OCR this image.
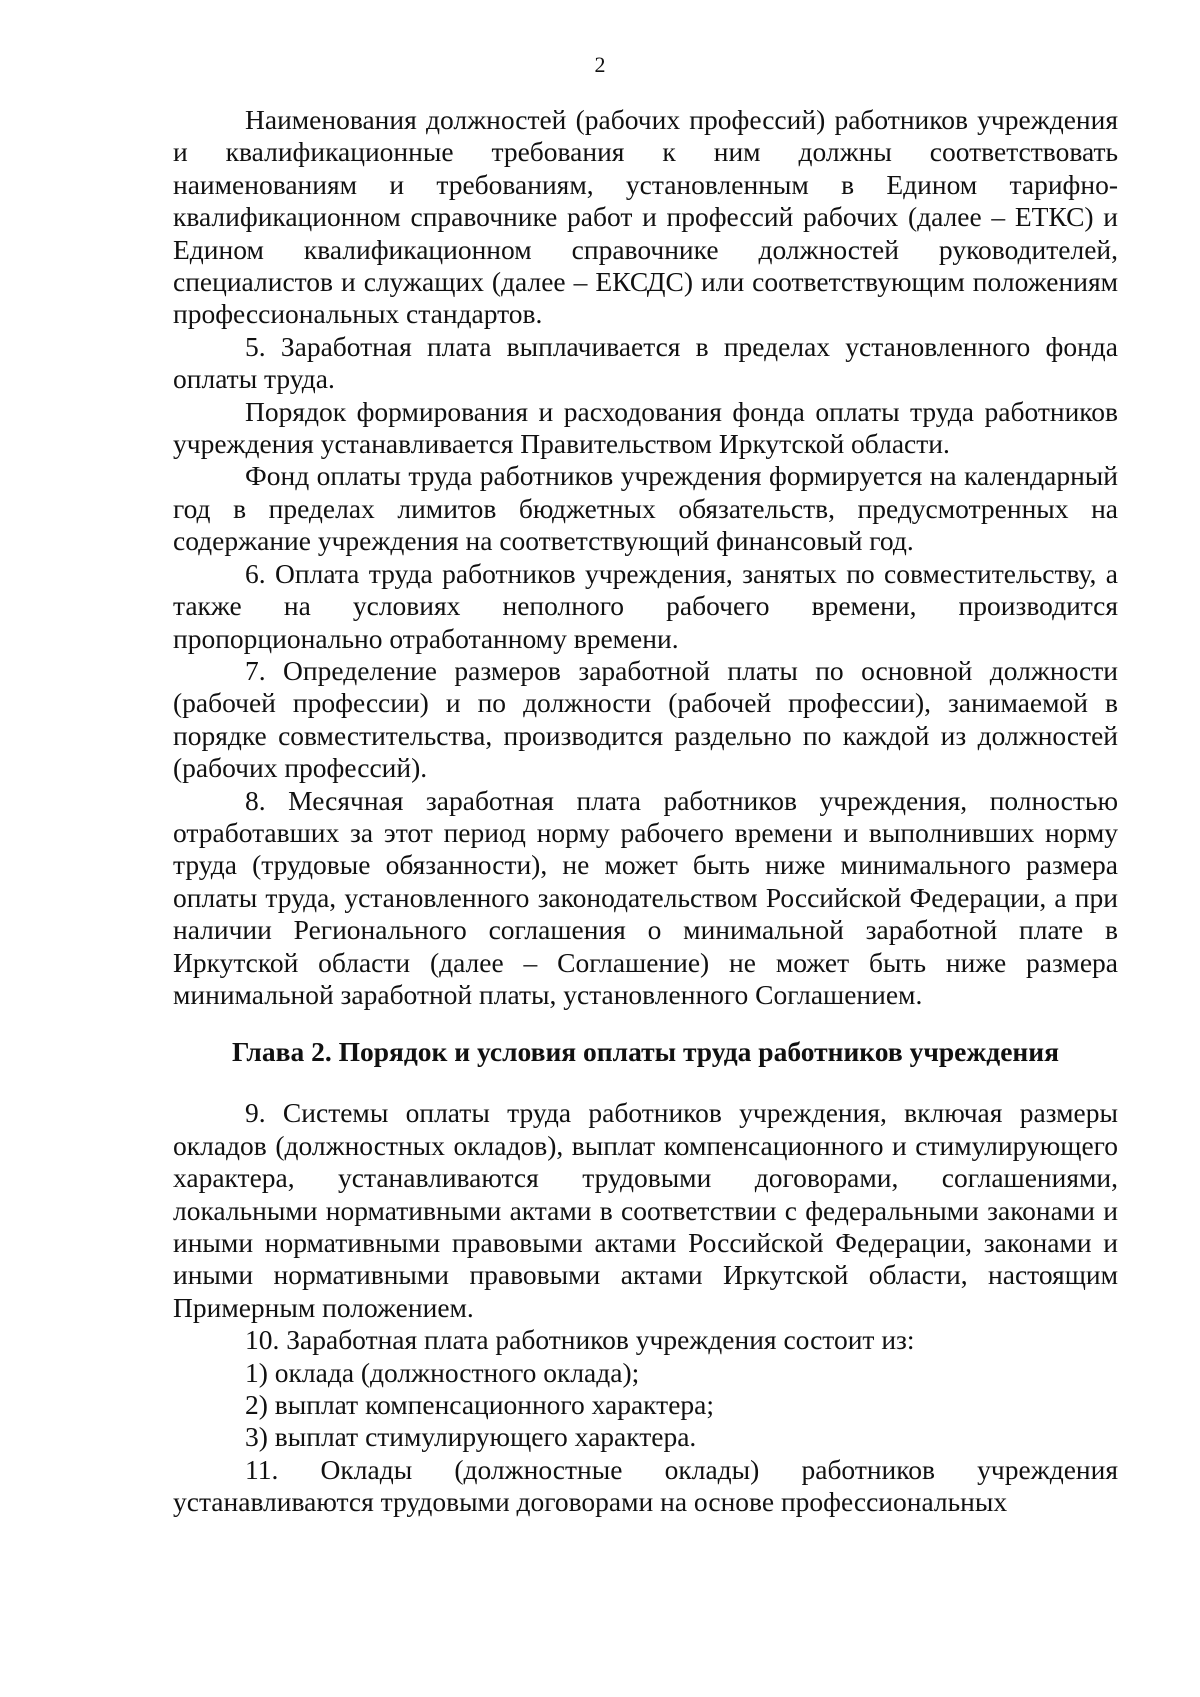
2

Наименования должностей (рабочих профессий) работников учреждения и квалификационные требования к ним должны соответствовать наименованиям и требованиям, установленным в Едином тарифно-квалификационном справочнике работ и профессий рабочих (далее – ЕТКС) и Едином квалификационном справочнике должностей руководителей, специалистов и служащих (далее – ЕКСДС) или соответствующим положениям профессиональных стандартов.

5. Заработная плата выплачивается в пределах установленного фонда оплаты труда.

Порядок формирования и расходования фонда оплаты труда работников учреждения устанавливается Правительством Иркутской области.

Фонд оплаты труда работников учреждения формируется на календарный год в пределах лимитов бюджетных обязательств, предусмотренных на содержание учреждения на соответствующий финансовый год.

6. Оплата труда работников учреждения, занятых по совместительству, а также на условиях неполного рабочего времени, производится пропорционально отработанному времени.

7. Определение размеров заработной платы по основной должности (рабочей профессии) и по должности (рабочей профессии), занимаемой в порядке совместительства, производится раздельно по каждой из должностей (рабочих профессий).

8. Месячная заработная плата работников учреждения, полностью отработавших за этот период норму рабочего времени и выполнивших норму труда (трудовые обязанности), не может быть ниже минимального размера оплаты труда, установленного законодательством Российской Федерации, а при наличии Регионального соглашения о минимальной заработной плате в Иркутской области (далее – Соглашение) не может быть ниже размера минимальной заработной платы, установленного Соглашением.

Глава 2. Порядок и условия оплаты труда работников учреждения

9. Системы оплаты труда работников учреждения, включая размеры окладов (должностных окладов), выплат компенсационного и стимулирующего характера, устанавливаются трудовыми договорами, соглашениями, локальными нормативными актами в соответствии с федеральными законами и иными нормативными правовыми актами Российской Федерации, законами и иными нормативными правовыми актами Иркутской области, настоящим Примерным положением.

10. Заработная плата работников учреждения состоит из:

1) оклада (должностного оклада);

2) выплат компенсационного характера;

3) выплат стимулирующего характера.

11. Оклады (должностные оклады) работников учреждения устанавливаются трудовыми договорами на основе профессиональных
